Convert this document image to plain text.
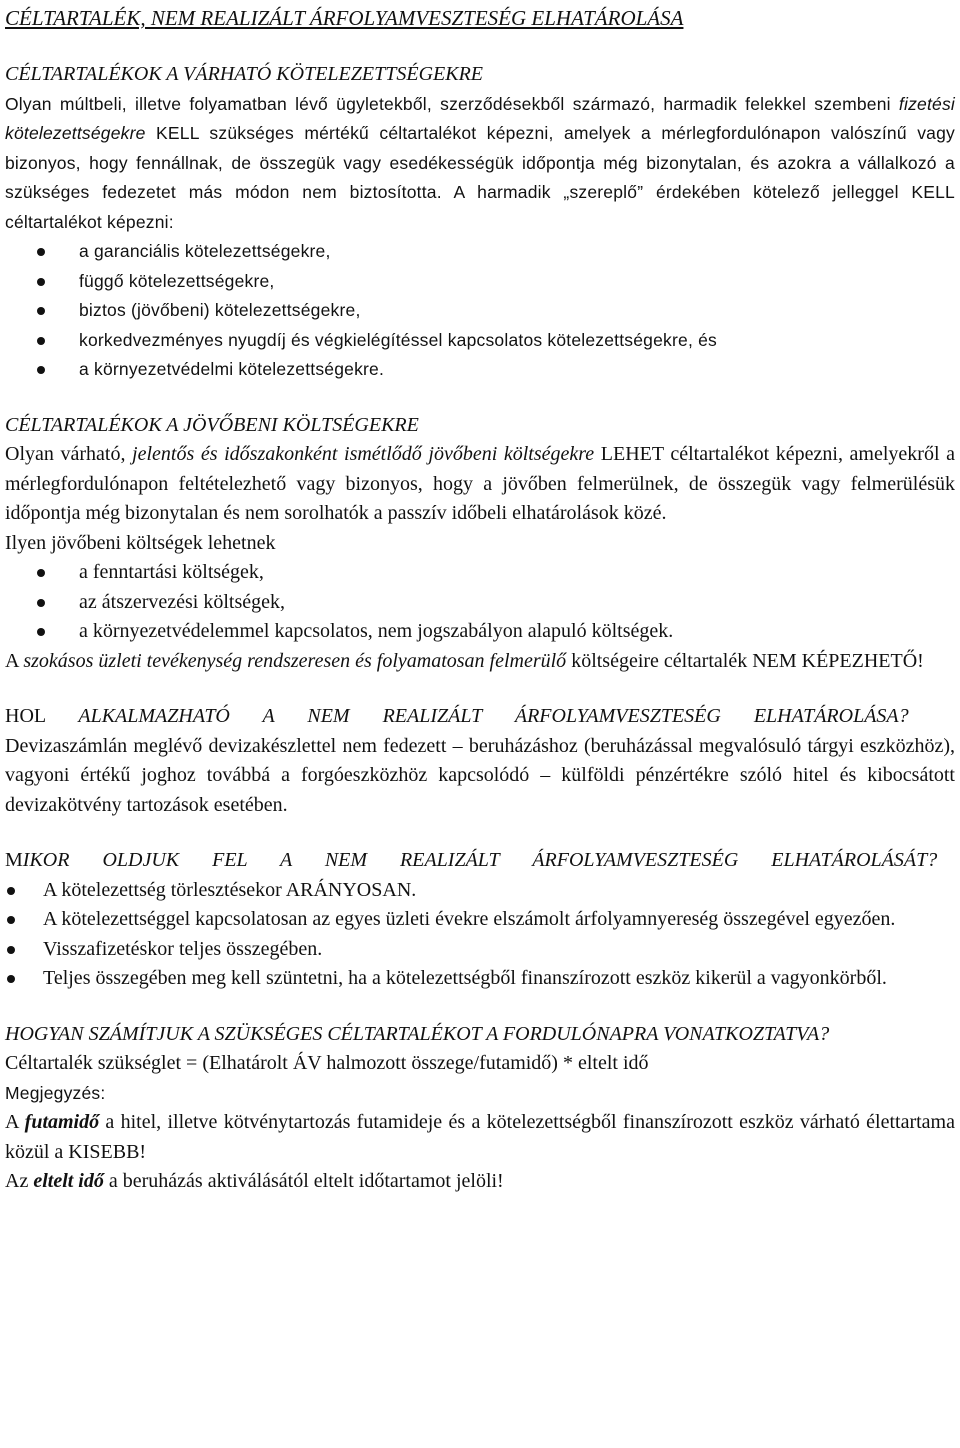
CÉLTARTALÉK, NEM REALIZÁLT ÁRFOLYAMVESZTESÉG ELHATÁROLÁSA
CÉLTARTALÉKOK A VÁRHATÓ KÖTELEZETTSÉGEKRE

Olyan múltbeli, illetve folyamatban lévő ügyletekből, szerződésekből származó, harmadik felekkel szembeni fizetési kötelezettségekre KELL szükséges mértékű céltartalékot képezni, amelyek a mérlegfordulónapon valószínű vagy bizonyos, hogy fennállnak, de összegük vagy esedékességük időpontja még bizonytalan, és azokra a vállalkozó a szükséges fedezetet más módon nem biztosította. A harmadik „szereplő” érdekében kötelező jelleggel KELL céltartalékot képezni:

a garanciális kötelezettségekre,
függő kötelezettségekre,
biztos (jövőbeni) kötelezettségekre,
korkedvezményes nyugdíj és végkielégítéssel kapcsolatos kötelezettségekre, és
a környezetvédelmi kötelezettségekre.
CÉLTARTALÉKOK A JÖVŐBENI KÖLTSÉGEKRE

Olyan várható, jelentős és időszakonként ismétlődő jövőbeni költségekre LEHET céltartalékot képezni, amelyekről a mérlegfordulónapon feltételezhető vagy bizonyos, hogy a jövőben felmerülnek, de összegük vagy felmerülésük időpontja még bizonytalan és nem sorolhatók a passzív időbeli elhatárolások közé.

Ilyen jövőbeni költségek lehetnek

a fenntartási költségek,
az átszervezési költségek,
a környezetvédelemmel kapcsolatos, nem jogszabályon alapuló költségek.

A szokásos üzleti tevékenység rendszeresen és folyamatosan felmerülő költségeire céltartalék NEM KÉPEZHETŐ!

HOL ALKALMAZHATÓ A NEM REALIZÁLT ÁRFOLYAMVESZTESÉG ELHATÁROLÁSA?

Devizaszámlán meglévő devizakészlettel nem fedezett – beruházáshoz (beruházással megvalósuló tárgyi eszközhöz), vagyoni értékű joghoz továbbá a forgóeszközhöz kapcsolódó – külföldi pénzértékre szóló hitel és kibocsátott devizakötvény tartozások esetében.

MIKOR OLDJUK FEL A NEM REALIZÁLT ÁRFOLYAMVESZTESÉG ELHATÁROLÁSÁT?
A kötelezettség törlesztésekor ARÁNYOSAN.
A kötelezettséggel kapcsolatosan az egyes üzleti évekre elszámolt árfolyamnyereség összegével egyezően.
Visszafizetéskor teljes összegében.
Teljes összegében meg kell szüntetni, ha a kötelezettségből finanszírozott eszköz kikerül a vagyonkörből.
HOGYAN SZÁMÍTJUK A SZÜKSÉGES CÉLTARTALÉKOT A FORDULÓNAPRA VONATKOZTATVA?

Céltartalék szükséglet = (Elhatárolt ÁV halmozott összege/futamidő) * eltelt idő

Megjegyzés:

A futamidő a hitel, illetve kötvénytartozás futamideje és a kötelezettségből finanszírozott eszköz várható élettartama közül a KISEBB!

Az eltelt idő a beruházás aktiválásától eltelt időtartamot jelöli!
